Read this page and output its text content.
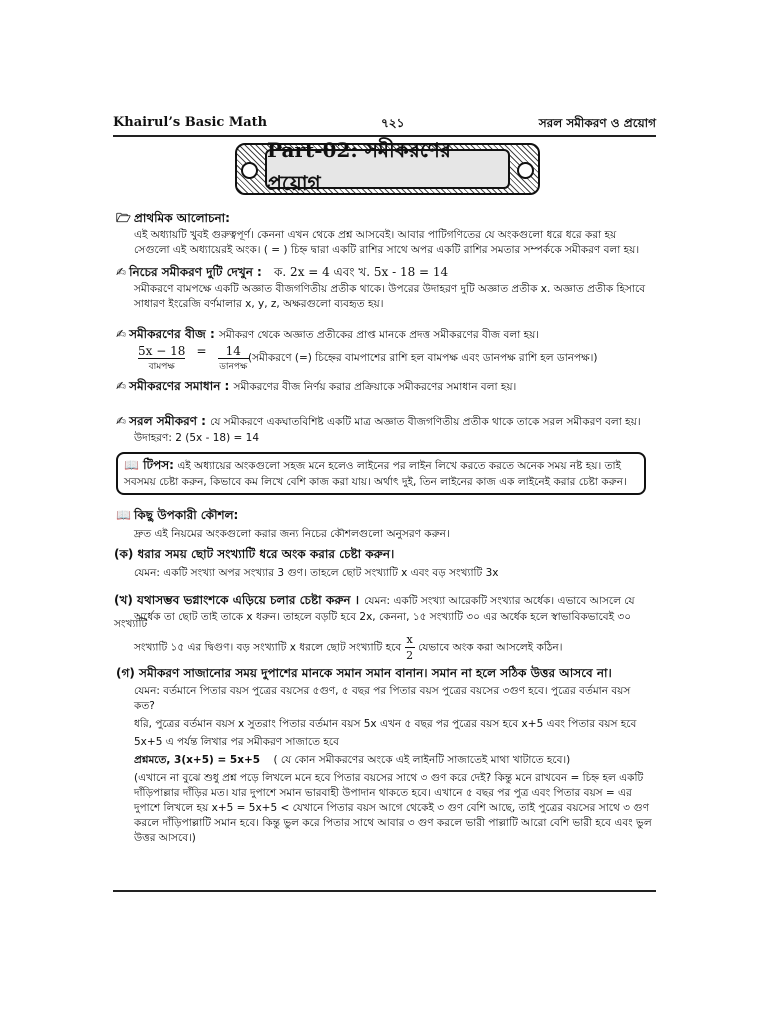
Khairul’s Basic Math	৭২১	সরল সমীকরণ ও প্রয়োগ
Part-02: সমীকরণের প্রয়োগ
🗁 প্রাথমিক আলোচনা:
এই অধ্যায়টি খুবই গুরুত্বপূর্ণ। কেননা এখন থেকে প্রশ্ন আসবেই। আবার পাটিগণিতের যে অংকগুলো ধরে ধরে করা হয়
সেগুলো এই অধ্যায়েরই অংক। ( = ) চিহ্ন দ্বারা একটি রাশির সাথে অপর একটি রাশির সমতার সম্পর্ককে সমীকরণ বলা হয়।
✍ নিচের সমীকরণ দুটি দেখুন : ক. 2x = 4 এবং খ. 5x - 18 = 14
সমীকরণে বামপক্ষে একটি অজ্ঞাত বীজগণিতীয় প্রতীক থাকে। উপরের উদাহরণ দুটি অজ্ঞাত প্রতীক x. অজ্ঞাত প্রতীক হিসাবে
সাধারণ ইংরেজি বর্ণমালার x, y, z, অক্ষরগুলো ব্যবহৃত হয়।
✍ সমীকরণের বীজ : সমীকরণ থেকে অজ্ঞাত প্রতীকের প্রাপ্ত মানকে প্রদত্ত সমীকরণের বীজ বলা হয়।
5x − 18
বামপক্ষ
=	14
ডানপক্ষ
(সমীকরণে (=) চিহ্নের বামপাশের রাশি হল বামপক্ষ এবং ডানপক্ষ রাশি হল ডানপক্ষ।)
✍ সমীকরণের সমাধান : সমীকরণের বীজ নির্ণয় করার প্রক্রিয়াকে সমীকরণের সমাধান বলা হয়।
✍ সরল সমীকরণ : যে সমীকরণে একঘাতবিশিষ্ট একটি মাত্র অজ্ঞাত বীজগণিতীয় প্রতীক থাকে তাকে সরল সমীকরণ বলা হয়।
উদাহরণ: 2 (5x - 18) = 14
📖 টিপস: এই অধ্যায়ের অংকগুলো সহজ মনে হলেও লাইনের পর লাইন লিখে করতে করতে অনেক সময় নষ্ট হয়। তাই
সবসময় চেষ্টা করুন, কিভাবে কম লিখে বেশি কাজ করা যায়। অর্থাৎ দুই, তিন লাইনের কাজ এক লাইনেই করার চেষ্টা করুন।
📖 কিছু উপকারী কৌশল:
দ্রুত এই নিয়মের অংকগুলো করার জন্য নিচের কৌশলগুলো অনুসরণ করুন।
(ক) ধরার সময় ছোট সংখ্যাটি ধরে অংক করার চেষ্টা করুন।
যেমন: একটি সংখ্যা অপর সংখ্যার 3 গুণ। তাহলে ছোট সংখ্যাটি x এবং বড় সংখ্যাটি 3x
(খ) যথাসম্ভব ভগ্নাংশকে এড়িয়ে চলার চেষ্টা করুন । যেমন: একটি সংখ্যা আরেকটি সংখ্যার অর্ধেক। এভাবে আসলে যে সংখ্যাটি
অর্ধেক তা ছোট তাই তাকে x ধরুন। তাহলে বড়টি হবে 2x, কেননা, ১৫ সংখ্যাটি ৩০ এর অর্ধেক হলে স্বাভাবিকভাবেই ৩০
সংখ্যাটি ১৫ এর দ্বিগুণ। বড় সংখ্যাটি x ধরলে ছোট সংখ্যাটি হবে $\frac{x}{2}$ যেভাবে অংক করা আসলেই কঠিন।
(গ) সমীকরণ সাজানোর সময় দুপাশের মানকে সমান সমান বানান। সমান না হলে সঠিক উত্তর আসবে না।
যেমন: বর্তমানে পিতার বয়স পুত্রের বয়সের ৫গুণ, ৫ বছর পর পিতার বয়স পুত্রের বয়সের ৩গুণ হবে। পুত্রের বর্তমান বয়স
কত?
ধরি, পুত্রের বর্তমান বয়স x সুতরাং পিতার বর্তমান বয়স 5x এখন ৫ বছর পর পুত্রের বয়স হবে x+5 এবং পিতার বয়স হবে
5x+5 এ পর্যন্ত লিখার পর সমীকরণ সাজাতে হবে
প্রশ্নমতে, 3(x+5) = 5x+5 ( যে কোন সমীকরণের অংকে এই লাইনটি সাজাতেই মাথা খাটাতে হবে।)
(এখানে না বুঝে শুধু প্রশ্ন পড়ে লিখলে মনে হবে পিতার বয়সের সাথে ৩ গুণ করে দেই? কিন্তু মনে রাখবেন = চিহ্ন হল একটি
দাঁড়িপাল্লার দাঁড়ির মত। যার দুপাশে সমান ভারবাহী উপাদান থাকতে হবে। এখানে ৫ বছর পর পুত্র এবং পিতার বয়স = এর
দুপাশে লিখলে হয় x+5 = 5x+5 < যেখানে পিতার বয়স আগে থেকেই ৩ গুণ বেশি আছে, তাই পুত্রের বয়সের সাথে ৩ গুণ
করলে দাঁড়িপাল্লাটি সমান হবে। কিন্তু ভুল করে পিতার সাথে আবার ৩ গুণ করলে ভারী পাল্লাটি আরো বেশি ভারী হবে এবং ভুল
উত্তর আসবে।)
